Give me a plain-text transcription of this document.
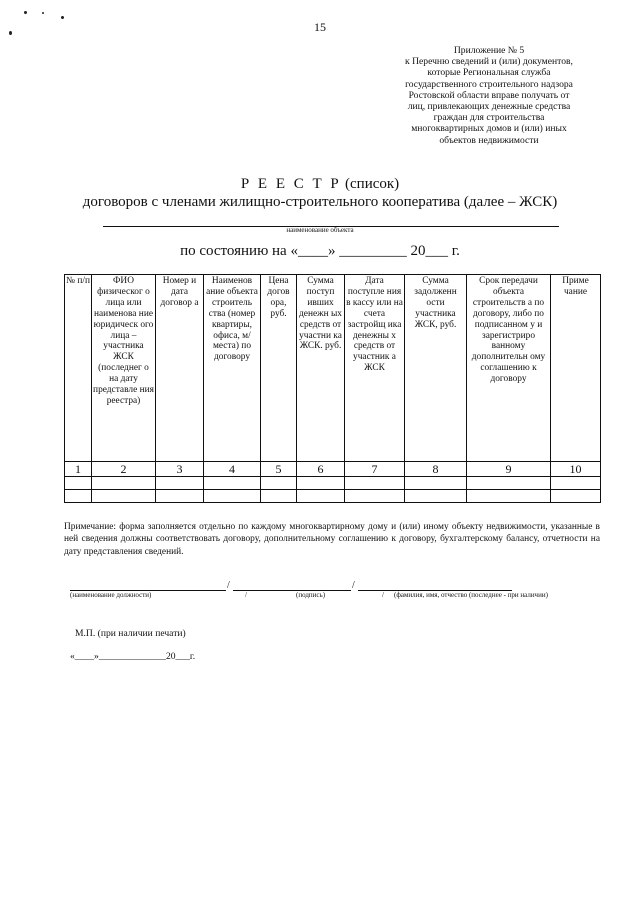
15
Приложение № 5
к Перечню сведений и (или) документов,
которые Региональная служба
государственного строительного надзора
Ростовской области вправе получать от
лиц, привлекающих денежные средства
граждан для строительства
многоквартирных домов и (или) иных
объектов недвижимости
Р Е Е С Т Р (список)
договоров с членами жилищно-строительного кооператива (далее – ЖСК)
наименование объекта
по состоянию на «____» _________ 20___ г.
№ п/п	ФИО физическог о лица или наименова ние юридическ ого лица – участника ЖСК (последнег о на дату представле ния реестра)	Номер и дата договор а	Наименов ание объекта строитель ства (номер квартиры, офиса, м/места) по договору	Цена догов ора, руб.	Сумма поступ ивших денежн ых средств от участни ка ЖСК. руб.	Дата поступле ния в кассу или на счета застройщ ика денежны х средств от участник а ЖСК	Сумма задолженн ости участника ЖСК, руб.	Срок передачи объекта строительств а по договору, либо по подписанном у и зарегистриро ванному дополнительн ому соглашению к договору	Приме чание
1	2	3	4	5	6	7	8	9	10

Примечание: форма заполняется отдельно по каждому многоквартирному дому и (или) иному объекту недвижимости, указанные в ней сведения должны соответствовать договору, дополнительному соглашению к договору, бухгалтерскому балансу, отчетности на дату представления сведений.
/	/
(наименование должности)	/	(подпись)	/ (фамилия, имя, отчество (последнее - при наличии)
М.П. (при наличии печати)
«____»______________20___г.
